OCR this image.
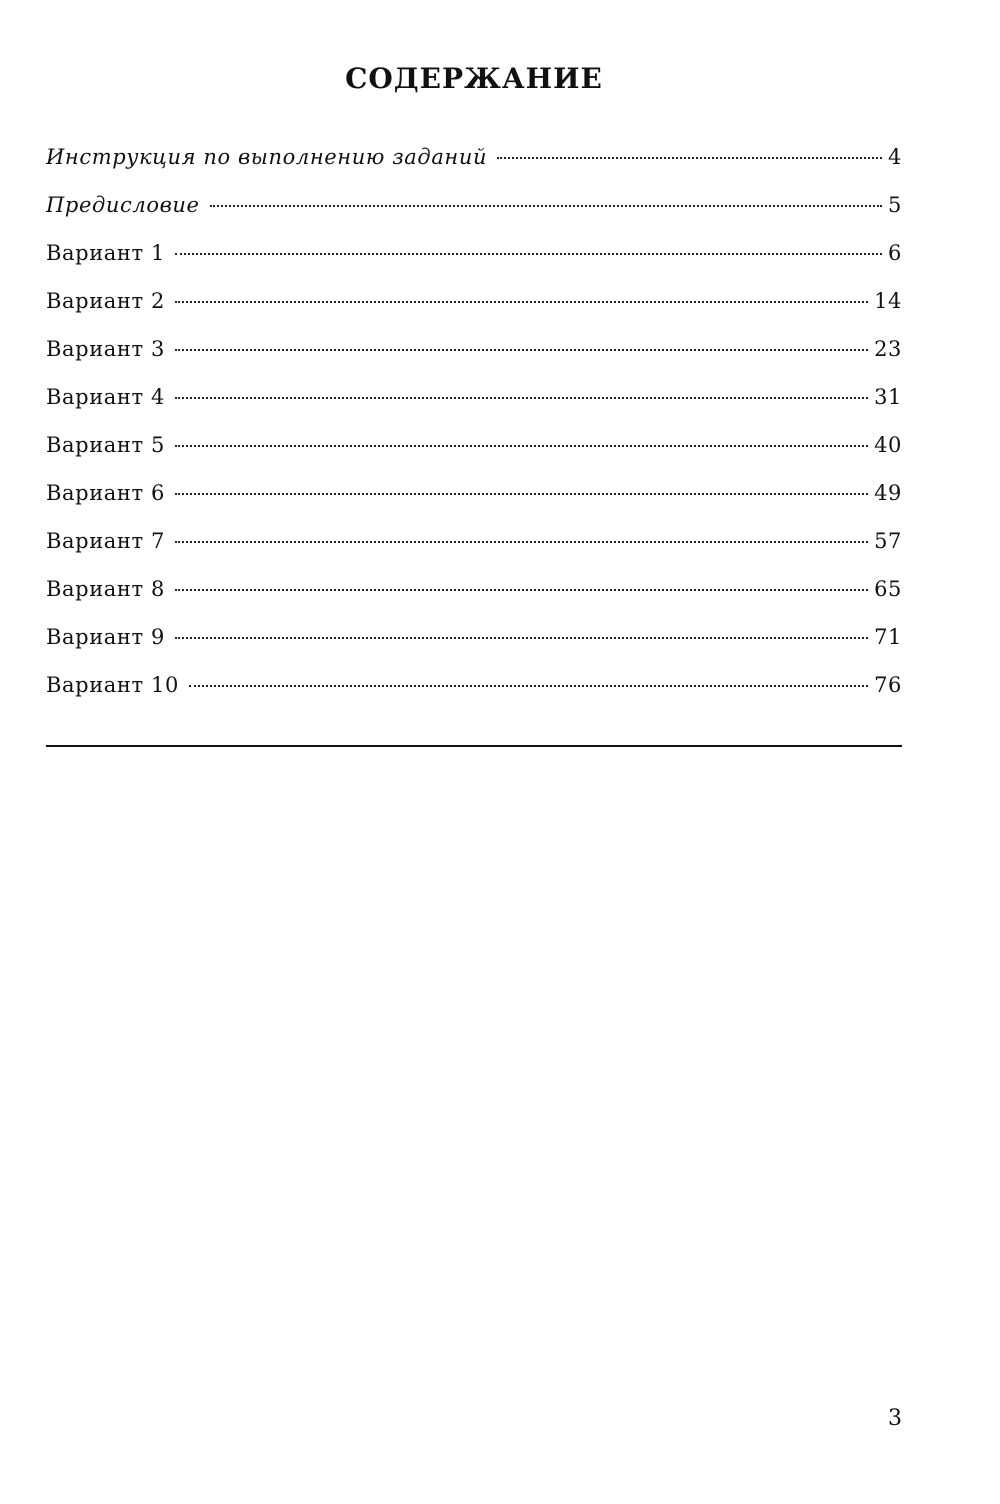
СОДЕРЖАНИЕ
Инструкция по выполнению заданий	4
Предисловие	5
Вариант 1	6
Вариант 2	14
Вариант 3	23
Вариант 4	31
Вариант 5	40
Вариант 6	49
Вариант 7	57
Вариант 8	65
Вариант 9	71
Вариант 10	76
3
